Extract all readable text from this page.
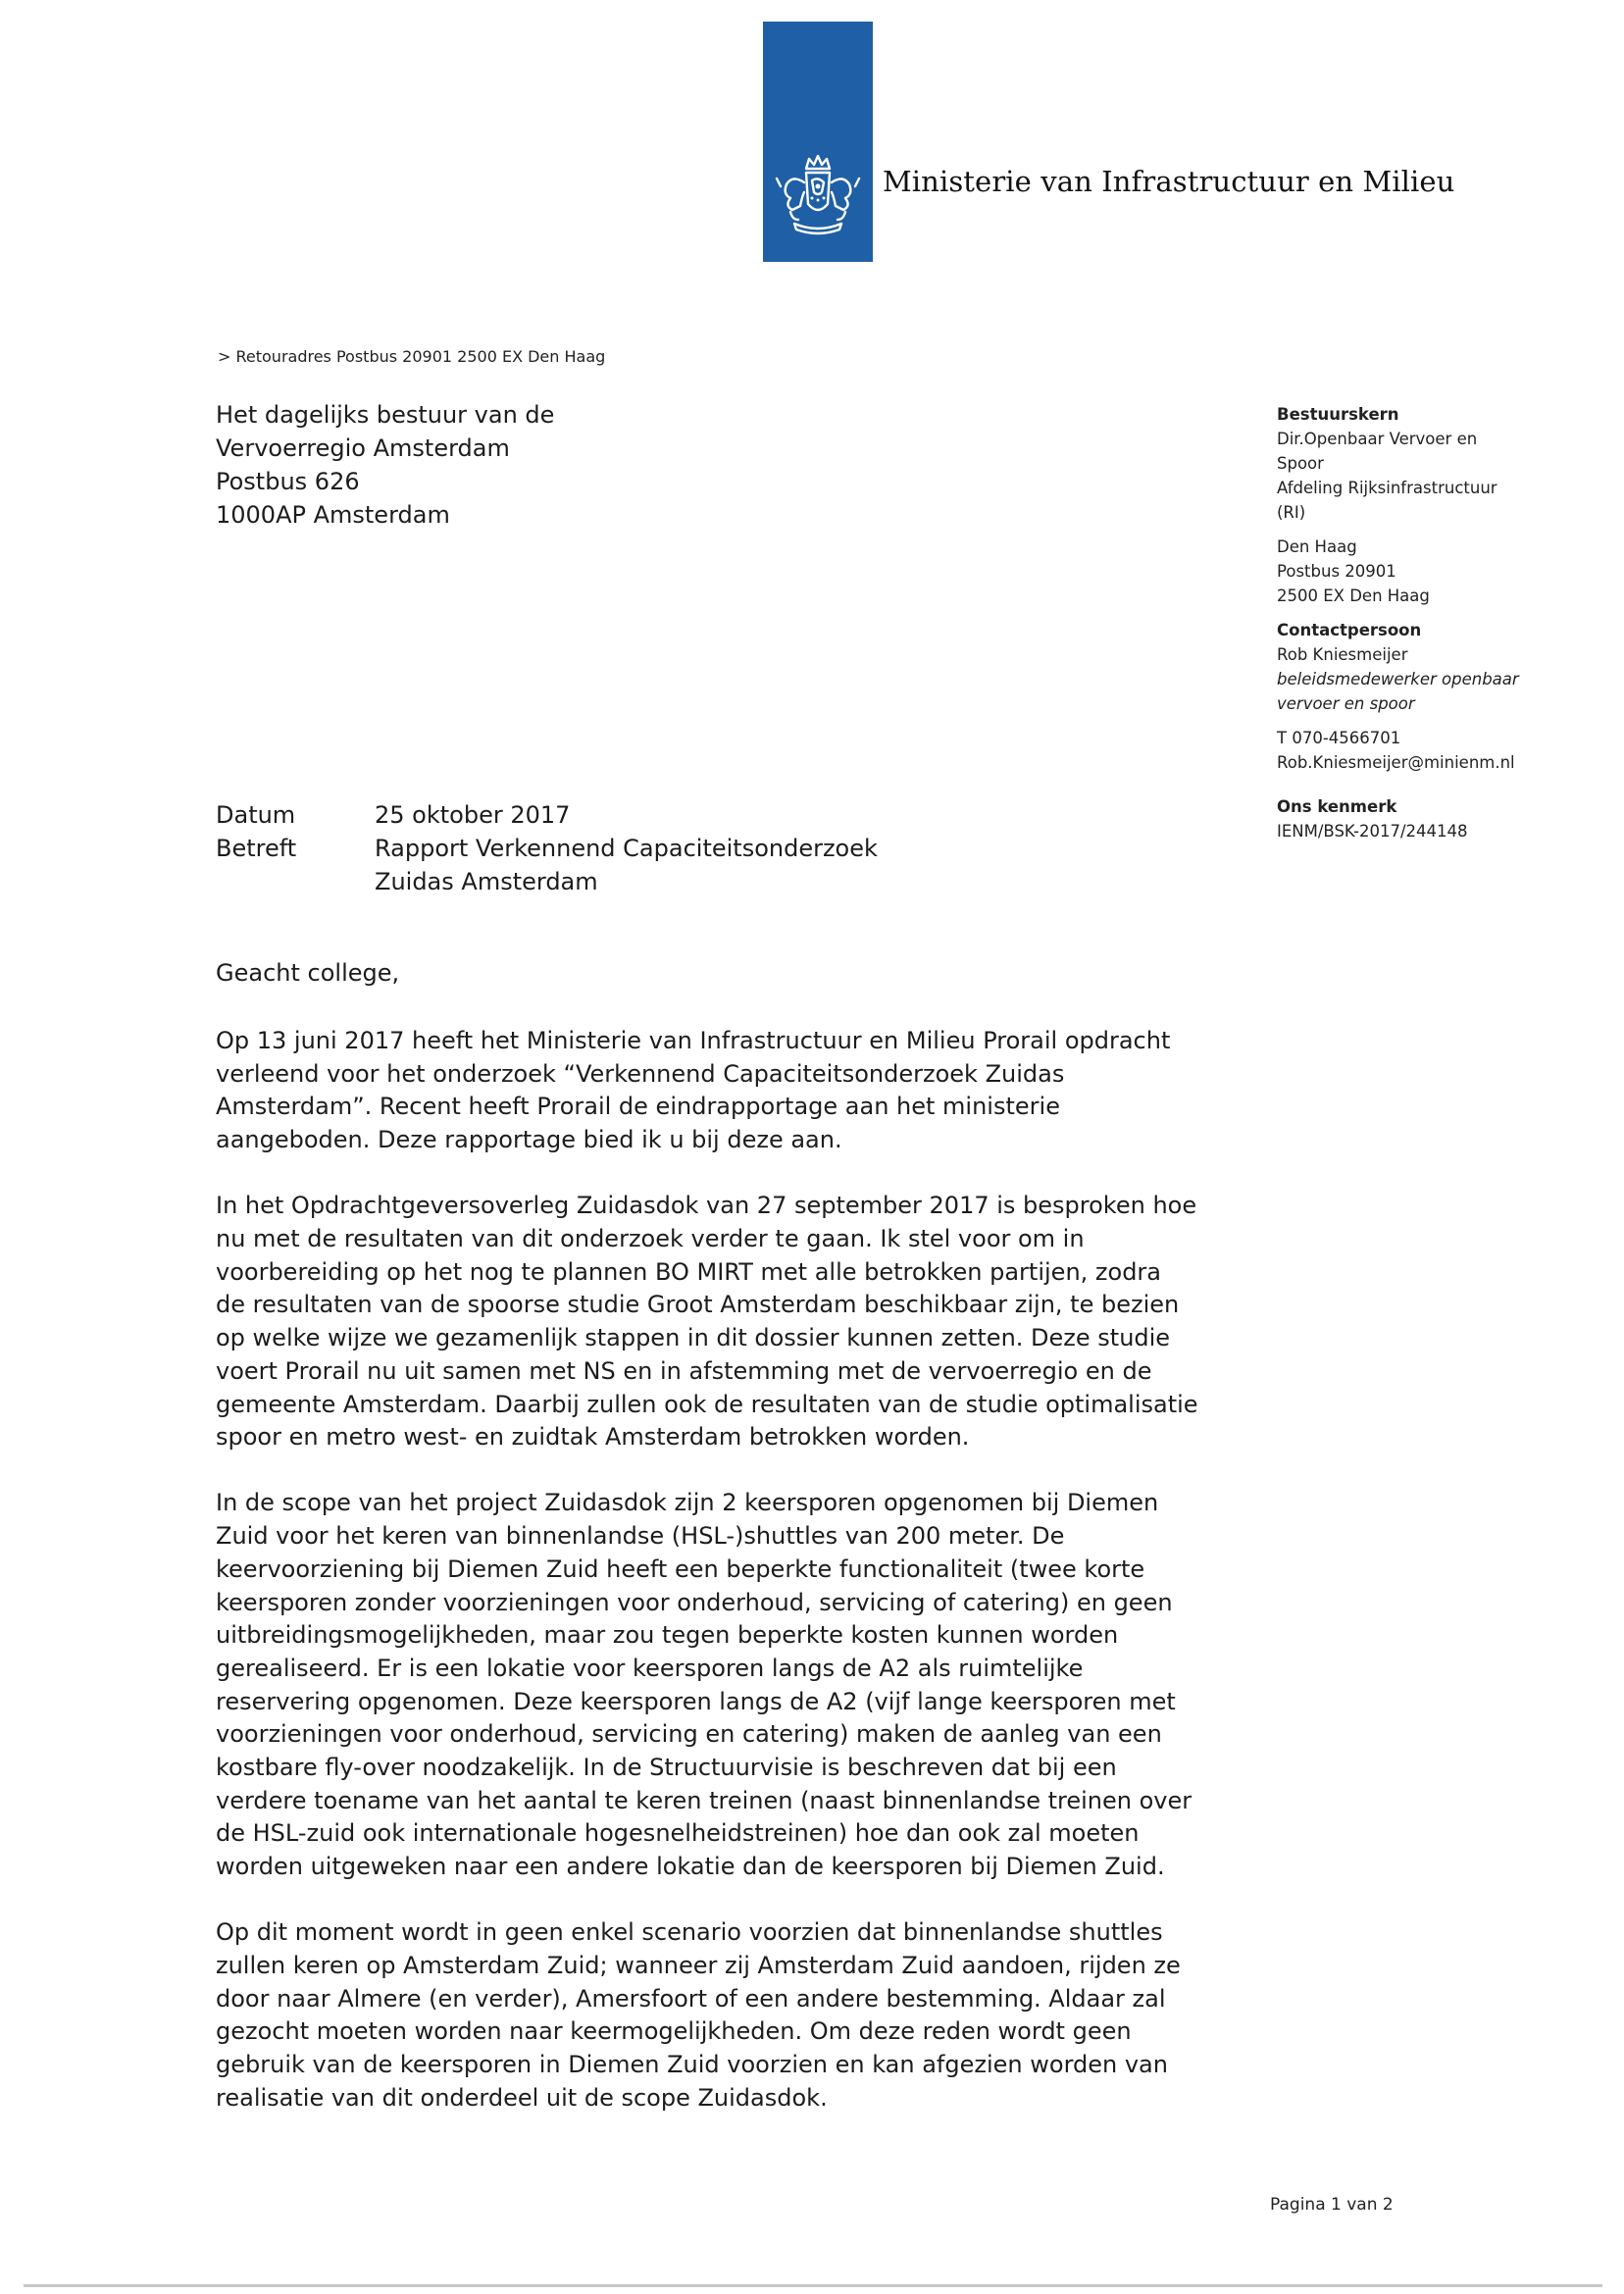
Ministerie van Infrastructuur en Milieu
> Retouradres Postbus 20901 2500 EX Den Haag
Het dagelijks bestuur van de
Vervoerregio Amsterdam
Postbus 626
1000AP Amsterdam
Bestuurskern
Dir.Openbaar Vervoer en
Spoor
Afdeling Rijksinfrastructuur
(RI)
Den Haag
Postbus 20901
2500 EX Den Haag
Contactpersoon
Rob Kniesmeijer
beleidsmedewerker openbaar
vervoer en spoor
T 070-4566701
Rob.Kniesmeijer@minienm.nl
Ons kenmerk
IENM/BSK-2017/244148
Datum	25 oktober 2017
Betreft	Rapport Verkennend Capaciteitsonderzoek Zuidas Amsterdam
Geacht college,

Op 13 juni 2017 heeft het Ministerie van Infrastructuur en Milieu Prorail opdracht
verleend voor het onderzoek “Verkennend Capaciteitsonderzoek Zuidas
Amsterdam”. Recent heeft Prorail de eindrapportage aan het ministerie
aangeboden. Deze rapportage bied ik u bij deze aan.

In het Opdrachtgeversoverleg Zuidasdok van 27 september 2017 is besproken hoe
nu met de resultaten van dit onderzoek verder te gaan. Ik stel voor om in
voorbereiding op het nog te plannen BO MIRT met alle betrokken partijen, zodra
de resultaten van de spoorse studie Groot Amsterdam beschikbaar zijn, te bezien
op welke wijze we gezamenlijk stappen in dit dossier kunnen zetten. Deze studie
voert Prorail nu uit samen met NS en in afstemming met de vervoerregio en de
gemeente Amsterdam. Daarbij zullen ook de resultaten van de studie optimalisatie
spoor en metro west- en zuidtak Amsterdam betrokken worden.

In de scope van het project Zuidasdok zijn 2 keersporen opgenomen bij Diemen
Zuid voor het keren van binnenlandse (HSL-)shuttles van 200 meter. De
keervoorziening bij Diemen Zuid heeft een beperkte functionaliteit (twee korte
keersporen zonder voorzieningen voor onderhoud, servicing of catering) en geen
uitbreidingsmogelijkheden, maar zou tegen beperkte kosten kunnen worden
gerealiseerd. Er is een lokatie voor keersporen langs de A2 als ruimtelijke
reservering opgenomen. Deze keersporen langs de A2 (vijf lange keersporen met
voorzieningen voor onderhoud, servicing en catering) maken de aanleg van een
kostbare fly-over noodzakelijk. In de Structuurvisie is beschreven dat bij een
verdere toename van het aantal te keren treinen (naast binnenlandse treinen over
de HSL-zuid ook internationale hogesnelheidstreinen) hoe dan ook zal moeten
worden uitgeweken naar een andere lokatie dan de keersporen bij Diemen Zuid.

Op dit moment wordt in geen enkel scenario voorzien dat binnenlandse shuttles
zullen keren op Amsterdam Zuid; wanneer zij Amsterdam Zuid aandoen, rijden ze
door naar Almere (en verder), Amersfoort of een andere bestemming. Aldaar zal
gezocht moeten worden naar keermogelijkheden. Om deze reden wordt geen
gebruik van de keersporen in Diemen Zuid voorzien en kan afgezien worden van
realisatie van dit onderdeel uit de scope Zuidasdok.

Pagina 1 van 2
